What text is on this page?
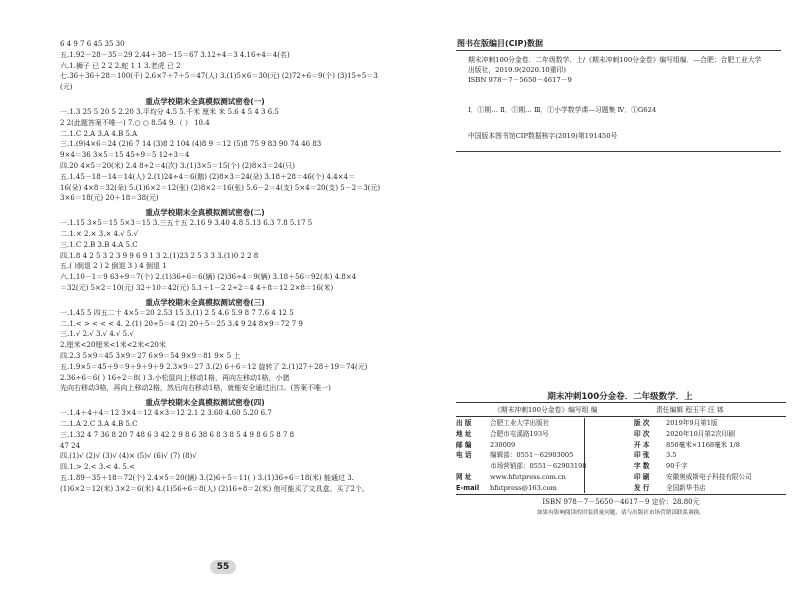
6 4 9 7 6 45 35 30
五.1.92－28－35＝29 2.44＋38－15＝67 3.12÷4＝3 4.16÷4＝4(名)
六.1.狮子 已 2 2 2.蛇 1 1 3.老虎 已 2
七.36＋36＋28＝100(千) 2.6×7＋7＋5＝47(人) 3.(1)5×6＝30(元) (2)72÷6＝9(个) (3)15÷5＝3
(元)
重点学校期末全真模拟测试密卷(一)
一.1.3 25 5 20 5 2.20 3.平均分 4.5 5.千米 厘米 米 5.6 4 5 4 3 6.5
2 2(此题答案不唯一) 7.○ ○ 8.54 9.（ ） 10.4
二.1.C 2.A 3.A 4.B 5.A
三.1.(9)4×6＝24 (2)6 7 14 (3)8 2 104 (4)8 9 ＝12 (5)8 75 9 83 90 74 46 83
9×4＝36 3×5＝15 45÷9＝5 12÷3＝4
四.20 4×5＝20(米) 2.4 8÷2＝4(次) 3.(1)3×5＝15(个) (2)8×3＝24(只)
五.1.45－18－14＝14(人) 2.(1)24÷4＝6(鹅) (2)8×3＝24(朵) 3.18＋28＝46(个) 4.4×4＝
16(朵) 4×8＝32(朵) 5.(1)6×2＝12(张) (2)8×2＝16(张) 5.6－2＝4(支) 5×4＝20(支) 5－2＝3(元)
3×6＝18(元) 20＋18＝38(元)
重点学校期末全真模拟测试密卷(二)
一.1.15 3×5＝15 5×3＝15 3.三五十五 2.16 9 3.40 4.8 5.13 6.3 7.8 5.17 5
二.1.× 2.× 3.× 4.√ 5.√
三.1.C 2.B 3.B 4.A 5.C
四.1.8 4 2 5 3 2 3 9 9 6 9 1 3 2.(1)23 2 5 3 3 3.(1)0 2 2 8
五.( )倒退 2 ) 2 倒退 3 ) 4 倒退 1
六.1.10－1＝9 63÷9＝7(个) 2.(1)36÷6＝6(辆) (2)36÷4＝9(辆) 3.18＋56＝92(本) 4.8×4
＝32(元) 5×2＝10(元) 32＋10＝42(元) 5.1＋1－2 2÷2＝4 4＋8＝12 2×8＝16(米)
重点学校期末全真模拟测试密卷(三)
一.1.45 5 四五二十 4×5＝20 2.53 15 3.(1) 2 5 4.6 5.9 8 7 7.6 4 12 5
二.1.< > < < < 4. 2.(1) 20÷5＝4 (2) 20＋5＝25 3.4 9 24 8×9＝72 7 9
三.1.√ 2.√ 3.√ 4.√ 5.√
2.厘米<20厘米<1米<2米<20米
四.2.3 5×9＝45 3×9＝27 6×9＝54 9×9＝81 9× 5 上
五.1.9×5＝45＋9＝9＋9＋9＋9 2.3×9＝27 3.(2) 6＋6＝12 旋转了 2.(1)27＋28＋19＝74(元)
2.36÷6＝6( ) 16÷2＝8( ) 3.小松鼠向上移动1格，再向左移动1格，小猪
先向右移动3格，再向上移动2格，然后向右移动1格，就能安全通过出口。(答案不唯一)
重点学校期末全真模拟测试密卷(四)
一.1.4＋4＋4＝12 3×4＝12 4×3＝12 2.1 2 3.60 4.60 5.20 6.7
二.1.A 2.C 3.A 4.B 5.C
三.1.32 4 7 36 8 20 7 48 6 3 42 2 9 8 6 38 6 8 3 8 5 4 9 8 6 5 8 7 8
47 24
四.(1)√ (2)√ (3)√ (4)× (5)√ (6)√ (7) (8)√
四.1.> 2.< 3.< 4. 5.<
五.1.89－35＋18＝72(个) 2.4×5＝20(辆) 3.(2)6＋5＝11( ) 3.(1)36÷6＝18(米) 能通过 3.
(1)6×2＝12(米) 3×2＝6(米) 4.(1)56÷6＝8(人) (2)16÷8＝2(米) 他可能买了文具盒、买了2个。
55
图书在版编目(CIP)数据
期末冲刺100分金卷．二年级数学．上/《期末冲刺100分金卷》编写组编．—合肥：合肥工业大学
出版社，2019.9(2020.10重印)
ISBN 978－7－5650－4617－9
Ⅰ．①期… Ⅱ．①期… Ⅲ．①小学数学课—习题集 Ⅳ．①G624
中国版本图书馆CIP数据核字(2019)第191450号
期末冲刺100分金卷．二年级数学．上
《期末冲刺100分金卷》编写组 编	责任编辑 程玉平 汪 钵
出 版	合肥工业大学出版社	版 次	2019年9月第1版
地 址	合肥市屯溪路193号	印 次	2020年10月第2次印刷
邮 编	230009	开 本	850毫米×1168毫米 1/8
电 话	编辑部：0551－62903005	印 张	3.5
市场营销部：0551－62903198	字 数	90千字
网 址	www.hfutpress.com.cn	印 刷	安徽奥威斯电子科技有限公司
E-mail	hfutpress@163.com	发 行	全国新华书店
ISBN 978－7－5650－4617－9 定价：28.80元
如果有影响阅读的印装质量问题，请与出版社市场营销部联系调换。
